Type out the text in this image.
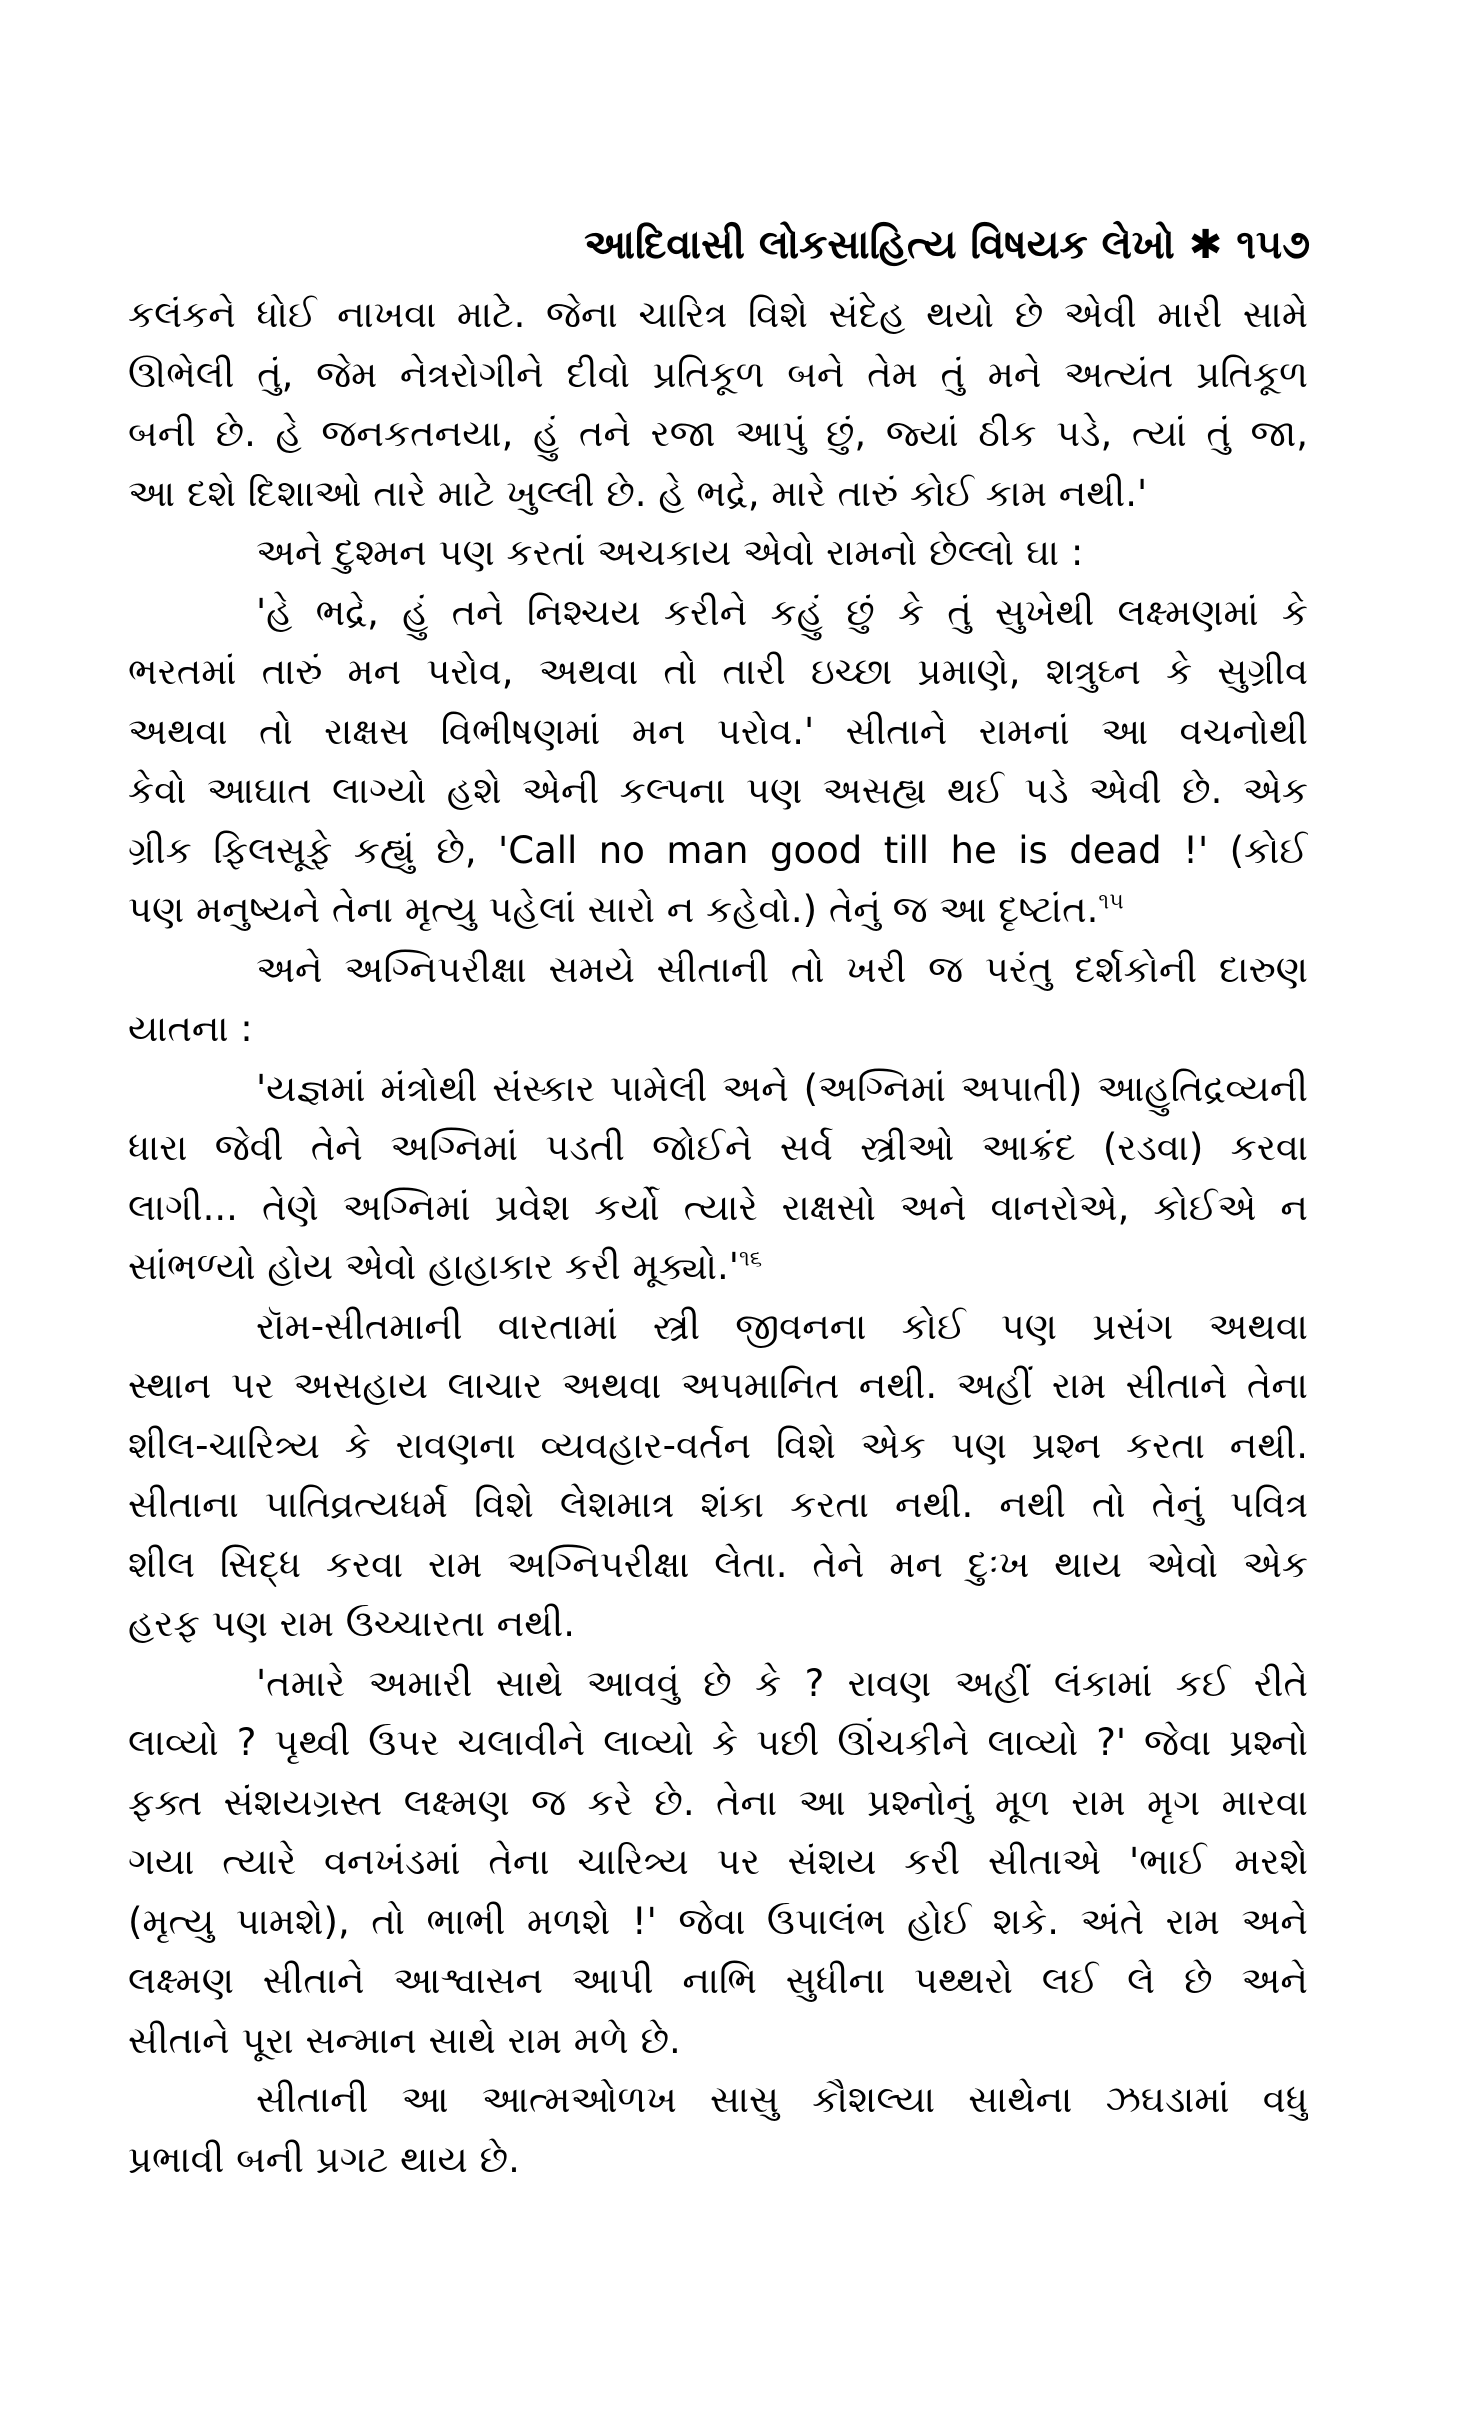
આદિવાસી લોકસાહિત્ય વિષયક લેખો ✱ ૧૫૭
કલંકને ધોઈ નાખવા માટે. જેના ચારિત્ર વિશે સંદેહ થયો છે એવી મારી સામે
ઊભેલી તું, જેમ નેત્રરોગીને દીવો પ્રતિકૂળ બને તેમ તું મને અત્યંત પ્રતિકૂળ
બની છે. હે જનકતનયા, હું તને રજા આપું છું, જ્યાં ઠીક પડે, ત્યાં તું જા,
આ દશે દિશાઓ તારે માટે ખુલ્લી છે. હે ભદ્રે, મારે તારું કોઈ કામ નથી.'
અને દુશ્મન પણ કરતાં અચકાય એવો રામનો છેલ્લો ઘા :
'હે ભદ્રે, હું તને નિશ્ચય કરીને કહું છું કે તું સુખેથી લક્ષ્મણમાં કે
ભરતમાં તારું મન પરોવ, અથવા તો તારી ઇચ્છા પ્રમાણે, શત્રુઘ્ન કે સુગ્રીવ
અથવા તો રાક્ષસ વિભીષણમાં મન પરોવ.' સીતાને રામનાં આ વચનોથી
કેવો આઘાત લાગ્યો હશે એની કલ્પના પણ અસહ્ય થઈ પડે એવી છે. એક
ગ્રીક ફિલસૂફે કહ્યું છે, 'Call no man good till he is dead !' (કોઈ
પણ મનુષ્યને તેના મૃત્યુ પહેલાં સારો ન કહેવો.) તેનું જ આ દૃષ્ટાંત.$^{૧૫}$
અને અગ્નિપરીક્ષા સમયે સીતાની તો ખરી જ પરંતુ દર્શકોની દારુણ
યાતના :
'યજ્ઞમાં મંત્રોથી સંસ્કાર પામેલી અને (અગ્નિમાં અપાતી) આહુતિદ્રવ્યની
ધારા જેવી તેને અગ્નિમાં પડતી જોઈને સર્વ સ્ત્રીઓ આક્રંદ (રડવા) કરવા
લાગી... તેણે અગ્નિમાં પ્રવેશ કર્યો ત્યારે રાક્ષસો અને વાનરોએ, કોઈએ ન
સાંભળ્યો હોય એવો હાહાકાર કરી $મૂક્યો.'^{૧૬}$
રૉમ-સીતમાની વારતામાં સ્ત્રી જીવનના કોઈ પણ પ્રસંગ અથવા
સ્થાન પર અસહાય લાચાર અથવા અપમાનિત નથી. અહીં રામ સીતાને તેના
શીલ-ચારિત્ર્ય કે રાવણના વ્યવહાર-વર્તન વિશે એક પણ પ્રશ્ન કરતા નથી.
સીતાના પાતિવ્રત્યધર્મ વિશે લેશમાત્ર શંકા કરતા નથી. નથી તો તેનું પવિત્ર
શીલ સિદ્ધ કરવા રામ અગ્નિપરીક્ષા લેતા. તેને મન દુઃખ થાય એવો એક
હરફ પણ રામ ઉચ્ચારતા નથી.
'તમારે અમારી સાથે આવવું છે કે ? રાવણ અહીં લંકામાં કઈ રીતે
લાવ્યો ? પૃથ્વી ઉપર ચલાવીને લાવ્યો કે પછી ઊંચકીને લાવ્યો ?' જેવા પ્રશ્નો
ફક્ત સંશયગ્રસ્ત લક્ષ્મણ જ કરે છે. તેના આ પ્રશ્નોનું મૂળ રામ મૃગ મારવા
ગયા ત્યારે વનખંડમાં તેના ચારિત્ર્ય પર સંશય કરી સીતાએ 'ભાઈ મરશે
(મૃત્યુ પામશે), તો ભાભી મળશે !' જેવા ઉપાલંભ હોઈ શકે. અંતે રામ અને
લક્ષ્મણ સીતાને આશ્વાસન આપી નાભિ સુધીના પથ્થરો લઈ લે છે અને
સીતાને પૂરા સન્માન સાથે રામ મળે છે.
સીતાની આ આત્મઓળખ સાસુ કૌશલ્યા સાથેના ઝઘડામાં વધુ
પ્રભાવી બની પ્રગટ થાય છે.
